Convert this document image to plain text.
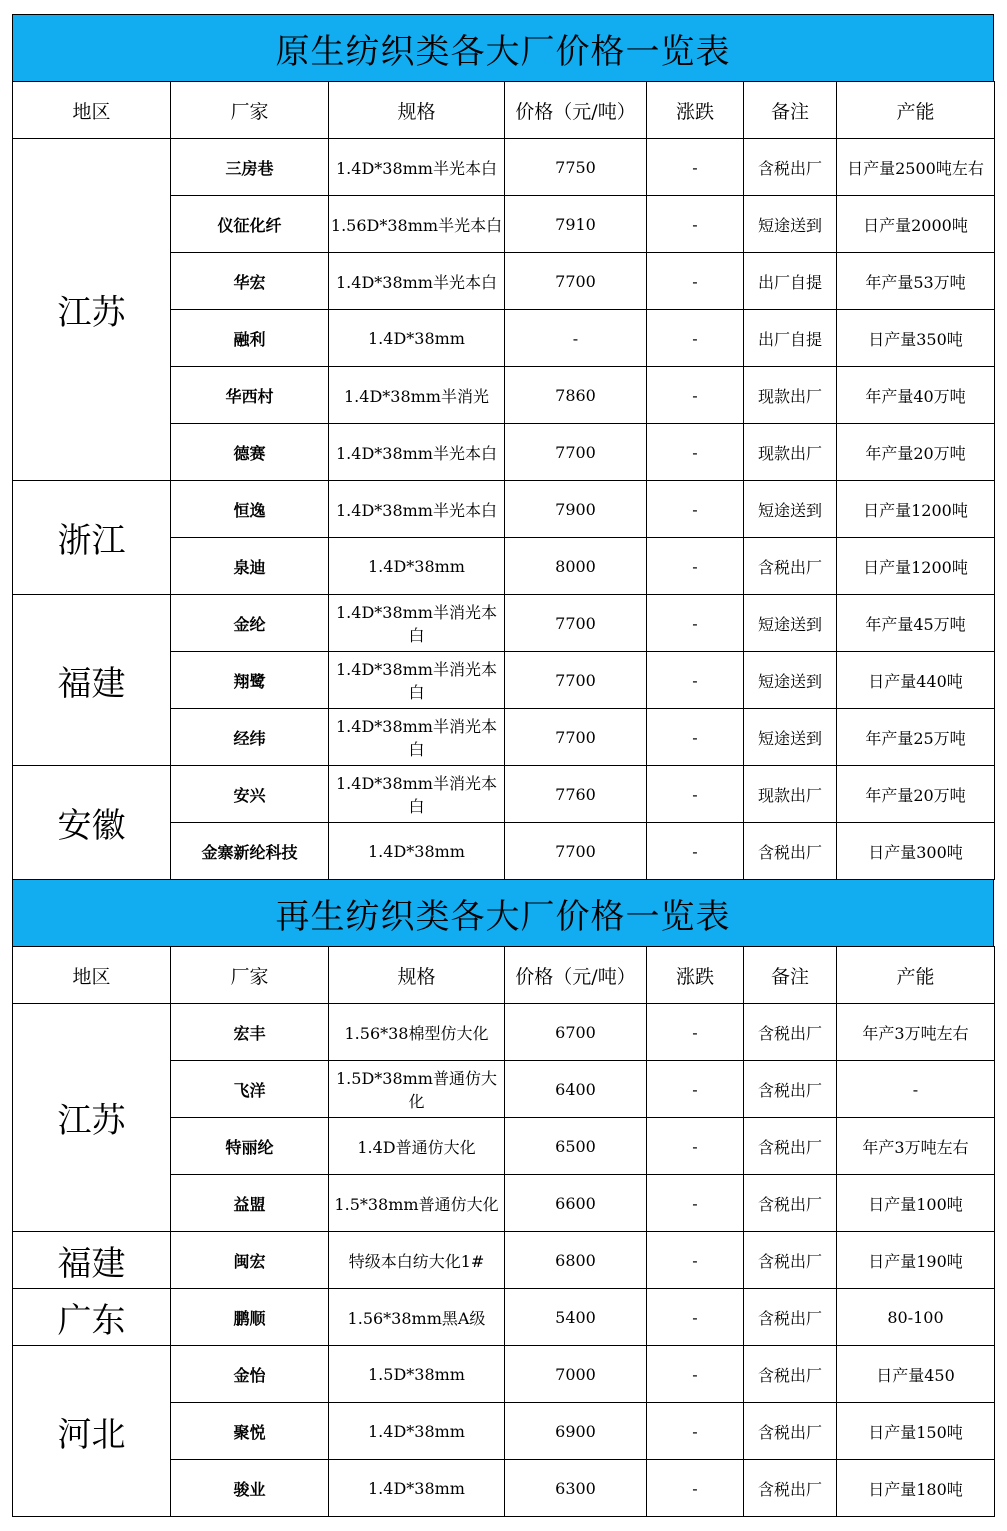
原生纺织类各大厂价格一览表
地区	厂家	规格	价格（元/吨）	涨跌	备注	产能
江苏	三房巷	1.4D*38mm半光本白	7750	-	含税出厂	日产量2500吨左右
	仪征化纤	1.56D*38mm半光本白	7910	-	短途送到	日产量2000吨
	华宏	1.4D*38mm半光本白	7700	-	出厂自提	年产量53万吨
	融利	1.4D*38mm	-	-	出厂自提	日产量350吨
	华西村	1.4D*38mm半消光	7860	-	现款出厂	年产量40万吨
	德赛	1.4D*38mm半光本白	7700	-	现款出厂	年产量20万吨
浙江	恒逸	1.4D*38mm半光本白	7900	-	短途送到	日产量1200吨
	泉迪	1.4D*38mm	8000	-	含税出厂	日产量1200吨
福建	金纶	1.4D*38mm半消光本白	7700	-	短途送到	年产量45万吨
	翔鹭	1.4D*38mm半消光本白	7700	-	短途送到	日产量440吨
	经纬	1.4D*38mm半消光本白	7700	-	短途送到	年产量25万吨
安徽	安兴	1.4D*38mm半消光本白	7760	-	现款出厂	年产量20万吨
	金寨新纶科技	1.4D*38mm	7700	-	含税出厂	日产量300吨
再生纺织类各大厂价格一览表
地区	厂家	规格	价格（元/吨）	涨跌	备注	产能
江苏	宏丰	1.56*38棉型仿大化	6700	-	含税出厂	年产3万吨左右
	飞洋	1.5D*38mm普通仿大化	6400	-	含税出厂	-
	特丽纶	1.4D普通仿大化	6500	-	含税出厂	年产3万吨左右
	益盟	1.5*38mm普通仿大化	6600	-	含税出厂	日产量100吨
福建	闽宏	特级本白纺大化1#	6800	-	含税出厂	日产量190吨
广东	鹏顺	1.56*38mm黑A级	5400	-	含税出厂	80-100
河北	金怡	1.5D*38mm	7000	-	含税出厂	日产量450
	聚悦	1.4D*38mm	6900	-	含税出厂	日产量150吨
	骏业	1.4D*38mm	6300	-	含税出厂	日产量180吨
